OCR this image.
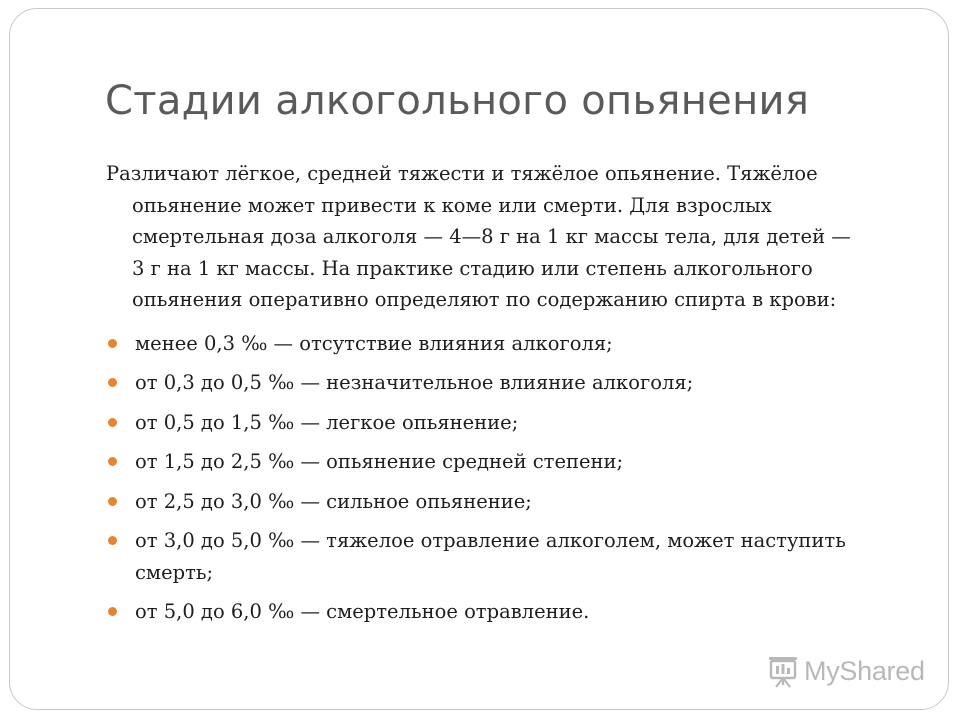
Стадии алкогольного опьянения

Различают лёгкое, средней тяжести и тяжёлое опьянение. Тяжёлое опьянение может привести к коме или смерти. Для взрослых смертельная доза алкоголя — 4—8 г на 1 кг массы тела, для детей — 3 г на 1 кг массы. На практике стадию или степень алкогольного опьянения оперативно определяют по содержанию спирта в крови:

менее 0,3 ‰ — отсутствие влияния алкоголя;
от 0,3 до 0,5 ‰ — незначительное влияние алкоголя;
от 0,5 до 1,5 ‰ — легкое опьянение;
от 1,5 до 2,5 ‰ — опьянение средней степени;
от 2,5 до 3,0 ‰ — сильное опьянение;
от 3,0 до 5,0 ‰ — тяжелое отравление алкоголем, может наступить смерть;
от 5,0 до 6,0 ‰ — смертельное отравление.
MyShared
